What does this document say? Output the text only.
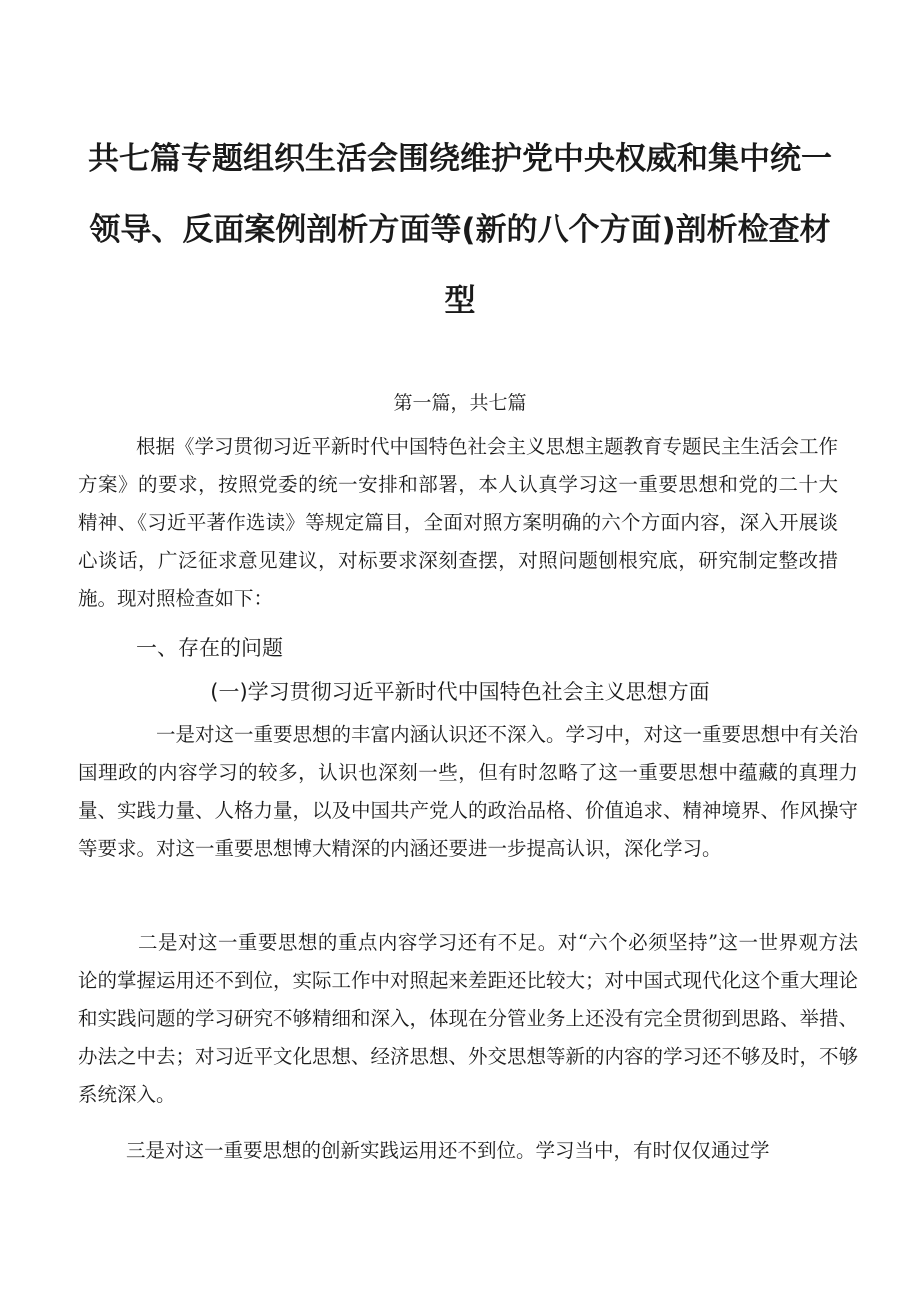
共七篇专题组织生活会围绕维护党中央权威和集中统一
领导、反面案例剖析方面等(新的八个方面)剖析检查材
型
第一篇，共七篇

根据《学习贯彻习近平新时代中国特色社会主义思想主题教育专题民主生活会工作方案》的要求，按照党委的统一安排和部署，本人认真学习这一重要思想和党的二十大精神、《习近平著作选读》等规定篇目，全面对照方案明确的六个方面内容，深入开展谈心谈话，广泛征求意见建议，对标要求深刻查摆，对照问题刨根究底，研究制定整改措施。现对照检查如下：

一、存在的问题
(一)学习贯彻习近平新时代中国特色社会主义思想方面

一是对这一重要思想的丰富内涵认识还不深入。学习中，对这一重要思想中有关治国理政的内容学习的较多，认识也深刻一些，但有时忽略了这一重要思想中蕴藏的真理力量、实践力量、人格力量，以及中国共产党人的政治品格、价值追求、精神境界、作风操守等要求。对这一重要思想博大精深的内涵还要进一步提高认识，深化学习。

二是对这一重要思想的重点内容学习还有不足。对“六个必须坚持”这一世界观方法论的掌握运用还不到位，实际工作中对照起来差距还比较大；对中国式现代化这个重大理论和实践问题的学习研究不够精细和深入，体现在分管业务上还没有完全贯彻到思路、举措、办法之中去；对习近平文化思想、经济思想、外交思想等新的内容的学习还不够及时，不够系统深入。

三是对这一重要思想的创新实践运用还不到位。学习当中，有时仅仅通过学
